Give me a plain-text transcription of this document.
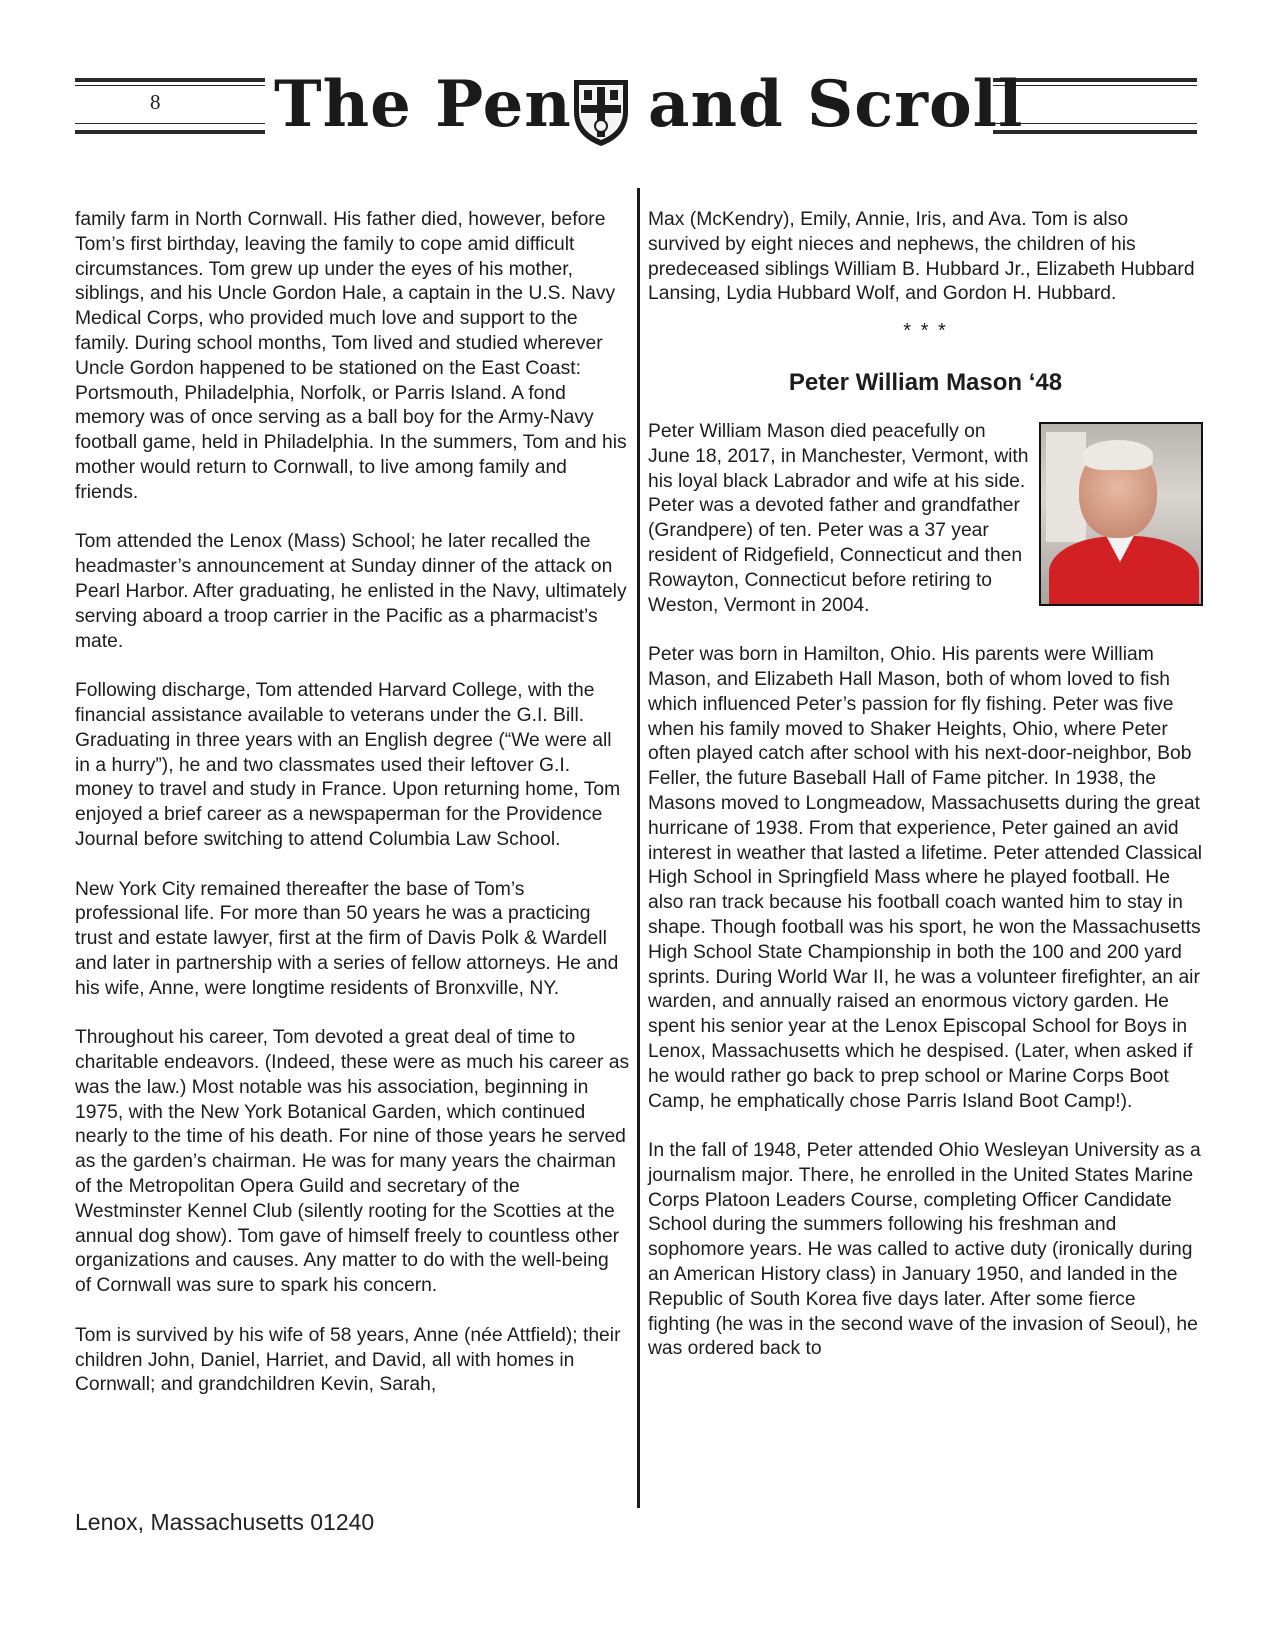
8 The Pen and Scroll

family farm in North Cornwall. His father died, however, before Tom’s first birthday, leaving the family to cope amid difficult circumstances. Tom grew up under the eyes of his mother, siblings, and his Uncle Gordon Hale, a captain in the U.S. Navy Medical Corps, who provided much love and support to the family. During school months, Tom lived and studied wherever Uncle Gordon happened to be stationed on the East Coast: Portsmouth, Philadelphia, Norfolk, or Parris Island. A fond memory was of once serving as a ball boy for the Army-Navy football game, held in Philadelphia. In the summers, Tom and his mother would return to Cornwall, to live among family and friends.

Tom attended the Lenox (Mass) School; he later recalled the headmaster’s announcement at Sunday dinner of the attack on Pearl Harbor. After graduating, he enlisted in the Navy, ultimately serving aboard a troop carrier in the Pacific as a pharmacist’s mate.

Following discharge, Tom attended Harvard College, with the financial assistance available to veterans under the G.I. Bill. Graduating in three years with an English degree (“We were all in a hurry”), he and two classmates used their leftover G.I. money to travel and study in France. Upon returning home, Tom enjoyed a brief career as a newspaperman for the Providence Journal before switching to attend Columbia Law School.

New York City remained thereafter the base of Tom’s professional life. For more than 50 years he was a practicing trust and estate lawyer, first at the firm of Davis Polk & Wardell and later in partnership with a series of fellow attorneys. He and his wife, Anne, were longtime residents of Bronxville, NY.

Throughout his career, Tom devoted a great deal of time to charitable endeavors. (Indeed, these were as much his career as was the law.) Most notable was his association, beginning in 1975, with the New York Botanical Garden, which continued nearly to the time of his death. For nine of those years he served as the garden’s chairman. He was for many years the chairman of the Metropolitan Opera Guild and secretary of the Westminster Kennel Club (silently rooting for the Scotties at the annual dog show). Tom gave of himself freely to countless other organizations and causes. Any matter to do with the well-being of Cornwall was sure to spark his concern.

Tom is survived by his wife of 58 years, Anne (née Attfield); their children John, Daniel, Harriet, and David, all with homes in Cornwall; and grandchildren Kevin, Sarah,

Max (McKendry), Emily, Annie, Iris, and Ava. Tom is also survived by eight nieces and nephews, the children of his predeceased siblings William B. Hubbard Jr., Elizabeth Hubbard Lansing, Lydia Hubbard Wolf, and Gordon H. Hubbard.

* * *
Peter William Mason ‘48

Peter William Mason died peacefully on June 18, 2017, in Manchester, Vermont, with his loyal black Labrador and wife at his side. Peter was a devoted father and grandfather (Grandpere) of ten. Peter was a 37 year resident of Ridgefield, Connecticut and then Rowayton, Connecticut before retiring to Weston, Vermont in 2004.

Peter was born in Hamilton, Ohio. His parents were William Mason, and Elizabeth Hall Mason, both of whom loved to fish which influenced Peter’s passion for fly fishing. Peter was five when his family moved to Shaker Heights, Ohio, where Peter often played catch after school with his next-door-neighbor, Bob Feller, the future Baseball Hall of Fame pitcher. In 1938, the Masons moved to Longmeadow, Massachusetts during the great hurricane of 1938. From that experience, Peter gained an avid interest in weather that lasted a lifetime. Peter attended Classical High School in Springfield Mass where he played football. He also ran track because his football coach wanted him to stay in shape. Though football was his sport, he won the Massachusetts High School State Championship in both the 100 and 200 yard sprints. During World War II, he was a volunteer firefighter, an air warden, and annually raised an enormous victory garden. He spent his senior year at the Lenox Episcopal School for Boys in Lenox, Massachusetts which he despised. (Later, when asked if he would rather go back to prep school or Marine Corps Boot Camp, he emphatically chose Parris Island Boot Camp!).

In the fall of 1948, Peter attended Ohio Wesleyan University as a journalism major. There, he enrolled in the United States Marine Corps Platoon Leaders Course, completing Officer Candidate School during the summers following his freshman and sophomore years. He was called to active duty (ironically during an American History class) in January 1950, and landed in the Republic of South Korea five days later. After some fierce fighting (he was in the second wave of the invasion of Seoul), he was ordered back to

Lenox, Massachusetts 01240
